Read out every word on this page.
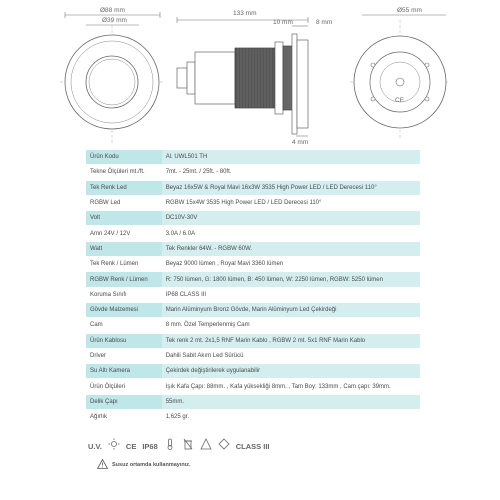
Ø88 mm
Ø39 mm
133 mm
10 mm	8 mm
4 mm
Ø55 mm
CE
Ürün Kodu	Al. UWL501 TH
Tekne Ölçüleri mt./ft.	7mt. - 25mt. / 25ft. - 80ft.
Tek Renk Led	Beyaz 16x5W & Royal Mavi 16x3W 3535 High Power LED / LED Derecesi 110°
RGBW Led	RGBW 15x4W 3535 High Power LED / LED Derecesi 110°
Volt	DC10V-30V
Amn 24V / 12V	3.0A / 6.0A
Watt	Tek Renkler 64W. - RGBW 60W.
Tek Renk / Lümen	Beyaz 9000 lümen , Royal Mavi 3360 lümen
RGBW Renk / Lümen	R: 750 lümen, G: 1800 lümen, B: 450 lümen, W: 2250 lümen, RGBW: 5250 lümen
Koruma Sınıfı	IP68 CLASS III
Gövde Malzemesi	Marin Alüminyum Bronz Gövde, Marin Alüminyum Led Çekirdeği
Cam	8 mm. Özel Temperlenmiş Cam
Ürün Kablosu	Tek renk 2 mt. 2x1,5 RNF Marin Kablo , RGBW 2 mt. 5x1 RNF Marin Kablo
Driver	Dahili Sabit Akım Led Sürücü
Su Altı Kamera	Çekirdek değiştirilerek uygulanabilir
Ürün Ölçüleri	Işık Kafa Çapı: 88mm. , Kafa yüksekliği 8mm. , Tam Boy: 133mm , Cam çapı: 39mm.
Delik Çapı	55mm.
Ağırlık	1,625 gr.
U.V.	CE IP68	CLASS III
Susuz ortamda kullanmayınız.
